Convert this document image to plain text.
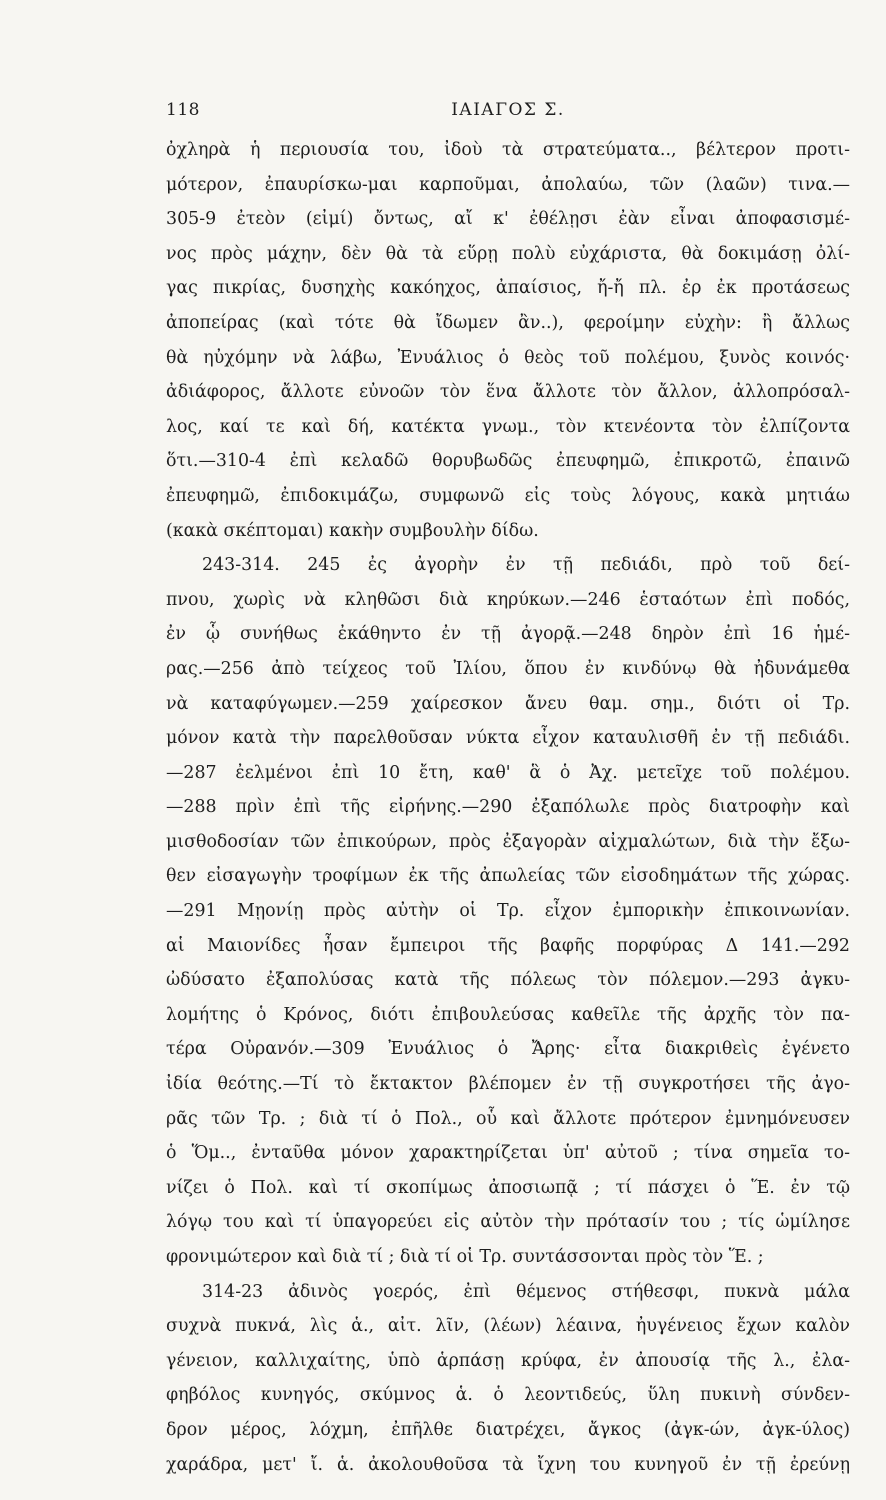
118	ΙΑΙΑΓΟΣ Σ.
ὀχληρὰ ἡ περιουσία του, ἰδοὺ τὰ στρατεύματα.., βέλτερον προτι-
μότερον, ἐπαυρίσκω-μαι καρποῦμαι, ἀπολαύω, τῶν (λαῶν) τινα.—
305-9 ἐτεὸν (εἰμί) ὄντως, αἴ κ' ἐθέλῃσι ἐὰν εἶναι ἀποφασισμέ-
νος πρὸς μάχην, δὲν θὰ τὰ εὕρῃ πολὺ εὐχάριστα, θὰ δοκιμάσῃ ὀλί-
γας πικρίας, δυσηχὴς κακόηχος, ἀπαίσιος, ἤ-ἤ πλ. ἐρ ἐκ προτάσεως
ἀποπείρας (καὶ τότε θὰ ἴδωμεν ἂν..), φεροίμην εὐχὴν: ἢ ἄλλως
θὰ ηὐχόμην νὰ λάβω, Ἐνυάλιος ὁ θεὸς τοῦ πολέμου, ξυνὸς κοινός·
ἀδιάφορος, ἄλλοτε εὐνοῶν τὸν ἕνα ἄλλοτε τὸν ἄλλον, ἀλλοπρόσαλ-
λος, καί τε καὶ δή, κατέκτα γνωμ., τὸν κτενέοντα τὸν ἐλπίζοντα
ὅτι.—310-4 ἐπὶ κελαδῶ θορυβωδῶς ἐπευφημῶ, ἐπικροτῶ, ἐπαινῶ
ἐπευφημῶ, ἐπιδοκιμάζω, συμφωνῶ εἰς τοὺς λόγους, κακὰ μητιάω
(κακὰ σκέπτομαι) κακὴν συμβουλὴν δίδω.
243-314. 245 ἐς ἀγορὴν ἐν τῇ πεδιάδι, πρὸ τοῦ δεί-
πνου, χωρὶς νὰ κληθῶσι διὰ κηρύκων.—246 ἑσταότων ἐπὶ ποδός,
ἐν ᾧ συνήθως ἐκάθηντο ἐν τῇ ἀγορᾷ.—248 δηρὸν ἐπὶ 16 ἡμέ-
ρας.—256 ἀπὸ τείχεος τοῦ Ἰλίου, ὅπου ἐν κινδύνῳ θὰ ἠδυνάμεθα
νὰ καταφύγωμεν.—259 χαίρεσκον ἄνευ θαμ. σημ., διότι οἱ Τρ.
μόνον κατὰ τὴν παρελθοῦσαν νύκτα εἶχον καταυλισθῆ ἐν τῇ πεδιάδι.
—287 ἐελμένοι ἐπὶ 10 ἔτη, καθ' ἃ ὁ Ἀχ. μετεῖχε τοῦ πολέμου.
—288 πρὶν ἐπὶ τῆς εἰρήνης.—290 ἐξαπόλωλε πρὸς διατροφὴν καὶ
μισθοδοσίαν τῶν ἐπικούρων, πρὸς ἐξαγορὰν αἰχμαλώτων, διὰ τὴν ἔξω-
θεν εἰσαγωγὴν τροφίμων ἐκ τῆς ἀπωλείας τῶν εἰσοδημάτων τῆς χώρας.
—291 Μῃονίῃ πρὸς αὐτὴν οἱ Τρ. εἶχον ἐμπορικὴν ἐπικοινωνίαν.
αἱ Μαιονίδες ἦσαν ἔμπειροι τῆς βαφῆς πορφύρας Δ 141.—292
ὠδύσατο ἐξαπολύσας κατὰ τῆς πόλεως τὸν πόλεμον.—293 ἀγκυ-
λομήτης ὁ Κρόνος, διότι ἐπιβουλεύσας καθεῖλε τῆς ἀρχῆς τὸν πα-
τέρα Οὐρανόν.—309 Ἐνυάλιος ὁ Ἄρης· εἶτα διακριθεὶς ἐγένετο
ἰδία θεότης.—Τί τὸ ἔκτακτον βλέπομεν ἐν τῇ συγκροτήσει τῆς ἀγο-
ρᾶς τῶν Τρ. ; διὰ τί ὁ Πολ., οὗ καὶ ἄλλοτε πρότερον ἐμνημόνευσεν
ὁ Ὅμ.., ἐνταῦθα μόνον χαρακτηρίζεται ὑπ' αὐτοῦ ; τίνα σημεῖα το-
νίζει ὁ Πολ. καὶ τί σκοπίμως ἀποσιωπᾷ ; τί πάσχει ὁ Ἕ. ἐν τῷ
λόγῳ του καὶ τί ὑπαγορεύει εἰς αὐτὸν τὴν πρότασίν του ; τίς ὡμίλησε
φρονιμώτερον καὶ διὰ τί ; διὰ τί οἱ Τρ. συντάσσονται πρὸς τὸν Ἕ. ;
314-23 ἀδινὸς γοερός, ἐπὶ θέμενος στήθεσφι, πυκνὰ μάλα
συχνὰ πυκνά, λὶς ἁ., αἰτ. λῖν, (λέων) λέαινα, ἠυγένειος ἔχων καλὸν
γένειον, καλλιχαίτης, ὑπὸ ἁρπάσῃ κρύφα, ἐν ἀπουσίᾳ τῆς λ., ἐλα-
φηβόλος κυνηγός, σκύμνος ἁ. ὁ λεοντιδεύς, ὕλη πυκινὴ σύνδεν-
δρον μέρος, λόχμη, ἐπῆλθε διατρέχει, ἄγκος (ἀγκ-ών, ἀγκ-ύλος)
χαράδρα, μετ' ἴ. ἁ. ἀκολουθοῦσα τὰ ἴχνη του κυνηγοῦ ἐν τῇ ἐρεύνῃ
